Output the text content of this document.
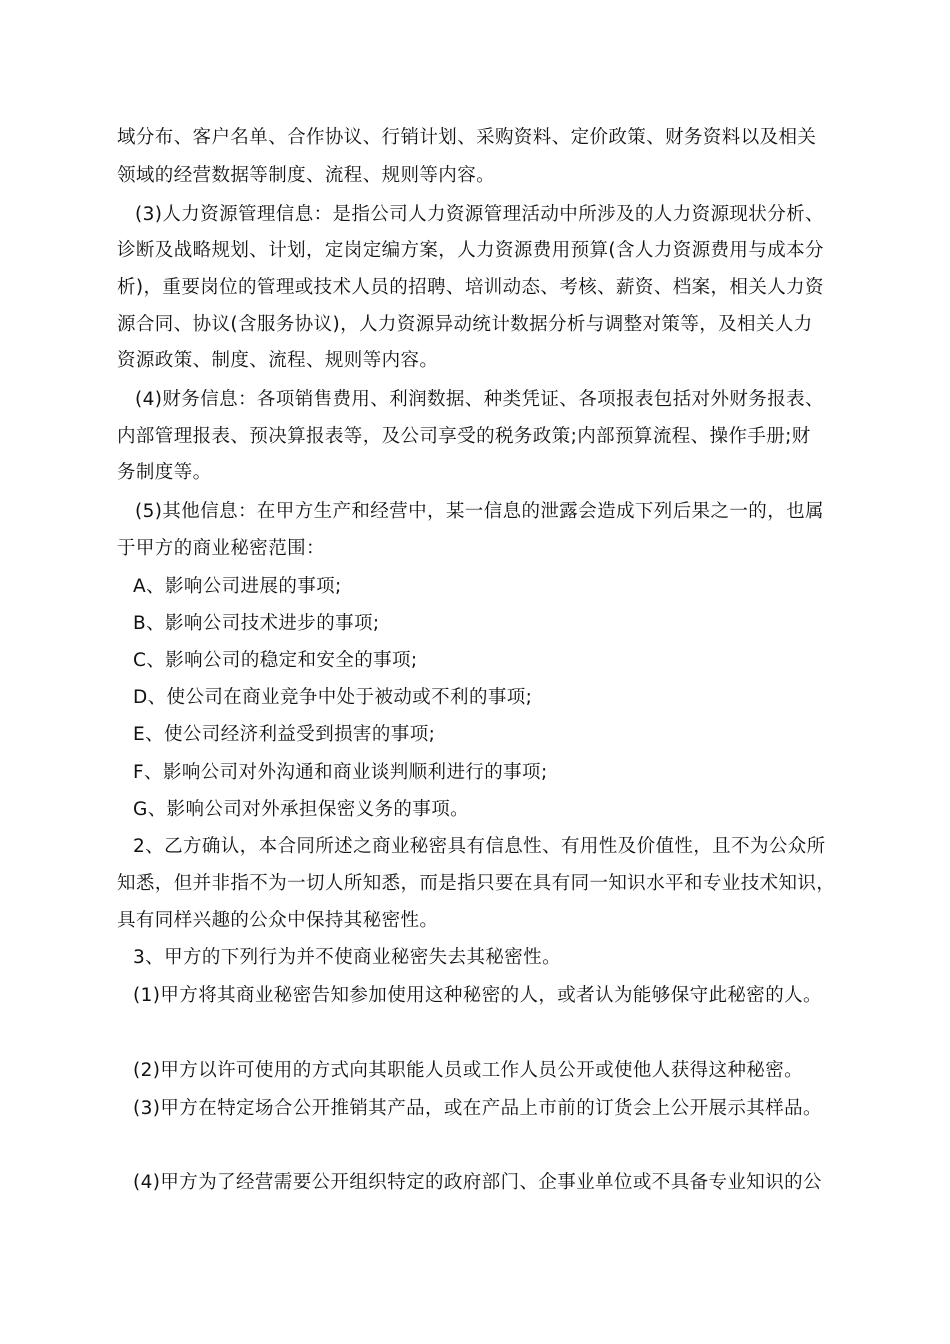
域分布、客户名单、合作协议、行销计划、采购资料、定价政策、财务资料以及相关
领域的经营数据等制度、流程、规则等内容。
(3)人力资源管理信息：是指公司人力资源管理活动中所涉及的人力资源现状分析、
诊断及战略规划、计划，定岗定编方案，人力资源费用预算(含人力资源费用与成本分
析)，重要岗位的管理或技术人员的招聘、培训动态、考核、薪资、档案，相关人力资
源合同、协议(含服务协议)，人力资源异动统计数据分析与调整对策等，及相关人力
资源政策、制度、流程、规则等内容。
(4)财务信息：各项销售费用、利润数据、种类凭证、各项报表包括对外财务报表、
内部管理报表、预决算报表等，及公司享受的税务政策;内部预算流程、操作手册;财
务制度等。
(5)其他信息：在甲方生产和经营中，某一信息的泄露会造成下列后果之一的，也属
于甲方的商业秘密范围：
A、影响公司进展的事项;
B、影响公司技术进步的事项;
C、影响公司的稳定和安全的事项;
D、使公司在商业竞争中处于被动或不利的事项;
E、使公司经济利益受到损害的事项;
F、影响公司对外沟通和商业谈判顺利进行的事项;
G、影响公司对外承担保密义务的事项。
2、乙方确认，本合同所述之商业秘密具有信息性、有用性及价值性，且不为公众所
知悉，但并非指不为一切人所知悉，而是指只要在具有同一知识水平和专业技术知识，
具有同样兴趣的公众中保持其秘密性。
3、甲方的下列行为并不使商业秘密失去其秘密性。
(1)甲方将其商业秘密告知参加使用这种秘密的人，或者认为能够保守此秘密的人。
(2)甲方以许可使用的方式向其职能人员或工作人员公开或使他人获得这种秘密。
(3)甲方在特定场合公开推销其产品，或在产品上市前的订货会上公开展示其样品。
(4)甲方为了经营需要公开组织特定的政府部门、企事业单位或不具备专业知识的公
